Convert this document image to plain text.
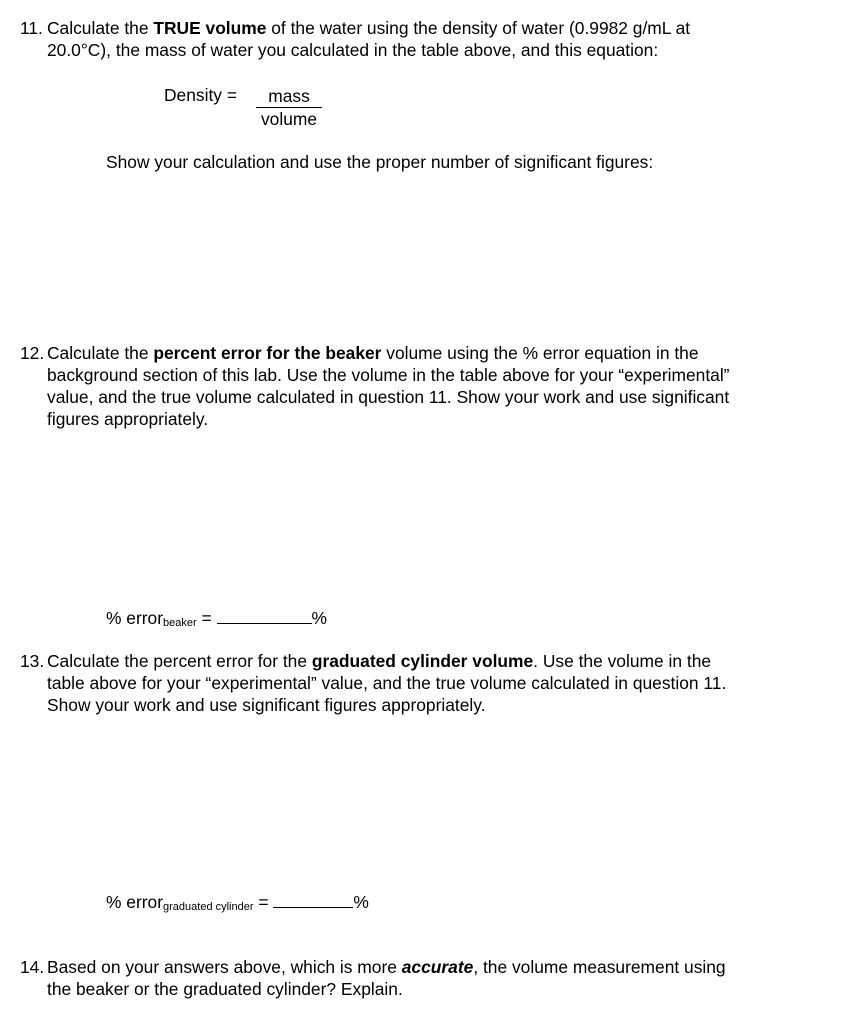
11. Calculate the TRUE volume of the water using the density of water (0.9982 g/mL at
20.0°C), the mass of water you calculated in the table above, and this equation:
Density =	mass
volume
Show your calculation and use the proper number of significant figures:
12. Calculate the percent error for the beaker volume using the % error equation in the
background section of this lab. Use the volume in the table above for your “experimental”
value, and the true volume calculated in question 11. Show your work and use significant
figures appropriately.
% errorbeaker =	%
13. Calculate the percent error for the graduated cylinder volume. Use the volume in the
table above for your “experimental” value, and the true volume calculated in question 11.
Show your work and use significant figures appropriately.
% errorgraduated cylinder =	%
14. Based on your answers above, which is more accurate, the volume measurement using
the beaker or the graduated cylinder? Explain.
